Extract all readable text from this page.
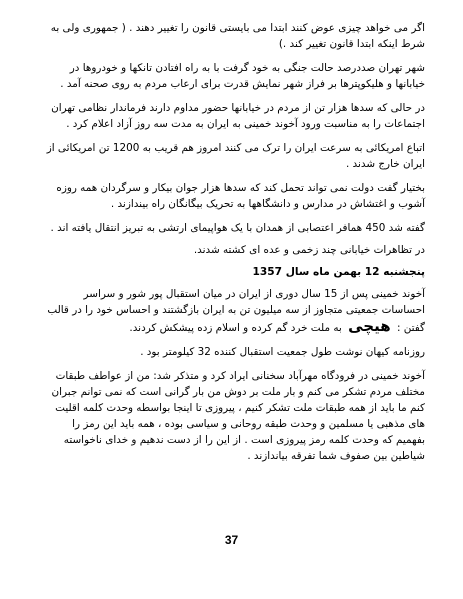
اگر می خواهد چیزی عوض کنند ابتدا می بایستی قانون را تغییر دهند . ( جمهوری ولی به شرط اینکه ابتدا قانون تغییر کند .)

شهر تهران صددرصد حالت جنگی به خود گرفت با به راه افتادن تانکها و خودروها در خیابانها و هلیکوپترها بر فراز شهر نمایش قدرت برای ارعاب مردم به روی صحنه آمد .

در حالی که سدها هزار تن از مردم در خیابانها حضور مداوم دارند فرماندار نظامی تهران اجتماعات را به مناسبت ورود آخوند خمینی به ایران به مدت سه روز آزاد اعلام کرد .

اتباع امریکائی به سرعت ایران را ترک می کنند امروز هم قریب به 1200 تن امریکائی از ایران خارج شدند .

بختیار گفت دولت نمی تواند تحمل کند که سدها هزار جوان بیکار و سرگردان همه روزه آشوب و اغتشاش در مدارس و دانشگاهها به تحریک بیگانگان راه بیندازند .

گفته شد 450 همافر اعتصابی از همدان با یک هواپیمای ارتشی به تبریز انتقال یافته اند .

در تظاهرات خیابانی چند زخمی و عده ای کشته شدند.

پنجشنبه 12 بهمن ماه سال 1357

آخوند خمینی پس از 15 سال دوری از ایران در میان استقبال پور شور و سراسر احساسات جمعیتی متجاوز از سه میلیون تن به ایران بازگشتند و احساس خود را در قالب گفتن : هیچی به ملت خرد گم کرده و اسلام زده پیشکش کردند.

روزنامه کیهان نوشت طول جمعیت استقبال کننده 32 کیلومتر بود .

آخوند خمینی در فرودگاه مهرآباد سخنانی ایراد کرد و متذکر شد: من از عواطف طبقات مختلف مردم تشکر می کنم و بار ملت بر دوش من بار گرانی است که نمی توانم جبران کنم ما باید از همه طبقات ملت تشکر کنیم ، پیروزی تا اینجا بواسطه وحدت کلمه اقلیت های مذهبی یا مسلمین و وحدت طبقه روحانی و سیاسی بوده ، همه باید این رمز را بفهمیم که وحدت کلمه رمز پیروزی است . از این را از دست ندهیم و خدای ناخواسته شیاطین بین صفوف شما تفرقه بیاندازند .

37
